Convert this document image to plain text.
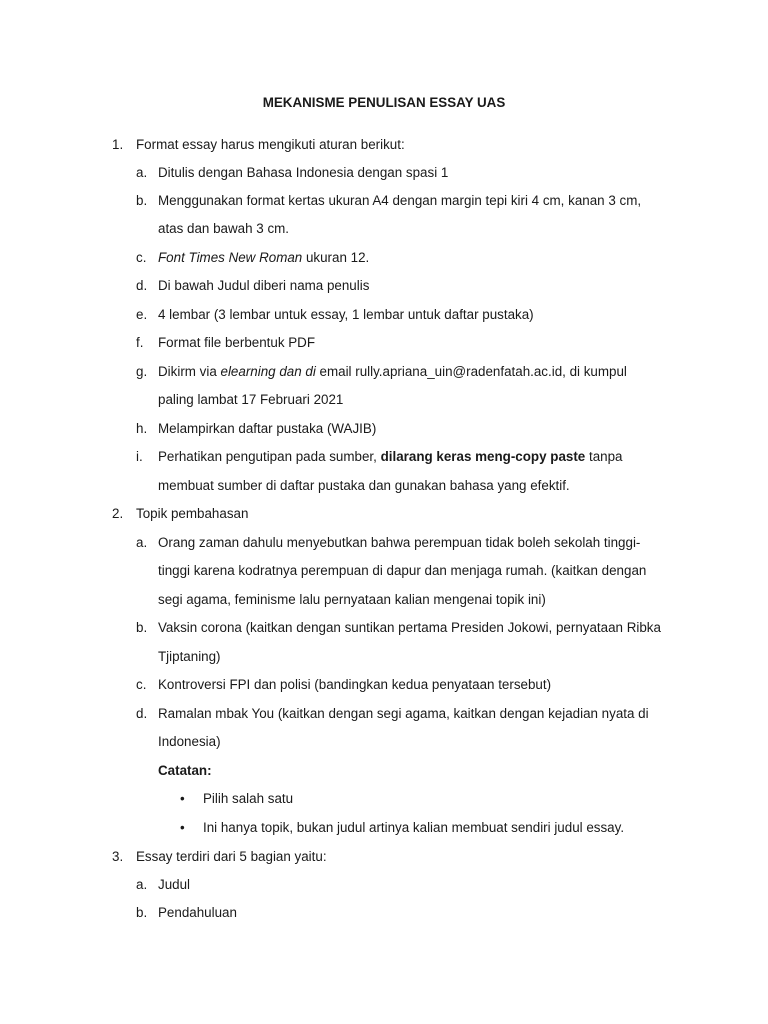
MEKANISME PENULISAN ESSAY UAS
1. Format essay harus mengikuti aturan berikut:
a. Ditulis dengan Bahasa Indonesia dengan spasi 1
b. Menggunakan format kertas ukuran A4 dengan margin tepi kiri 4 cm, kanan 3 cm,
atas dan bawah 3 cm.
c. Font Times New Roman ukuran 12.
d. Di bawah Judul diberi nama penulis
e. 4 lembar (3 lembar untuk essay, 1 lembar untuk daftar pustaka)
f. Format file berbentuk PDF
g. Dikirm via elearning dan di email rully.apriana_uin@radenfatah.ac.id, di kumpul
paling lambat 17 Februari 2021
h. Melampirkan daftar pustaka (WAJIB)
i. Perhatikan pengutipan pada sumber, dilarang keras meng-copy paste tanpa
membuat sumber di daftar pustaka dan gunakan bahasa yang efektif.
2. Topik pembahasan
a. Orang zaman dahulu menyebutkan bahwa perempuan tidak boleh sekolah tinggi-
tinggi karena kodratnya perempuan di dapur dan menjaga rumah. (kaitkan dengan
segi agama, feminisme lalu pernyataan kalian mengenai topik ini)
b. Vaksin corona (kaitkan dengan suntikan pertama Presiden Jokowi, pernyataan Ribka
Tjiptaning)
c. Kontroversi FPI dan polisi (bandingkan kedua penyataan tersebut)
d. Ramalan mbak You (kaitkan dengan segi agama, kaitkan dengan kejadian nyata di
Indonesia)
Catatan:
• Pilih salah satu
• Ini hanya topik, bukan judul artinya kalian membuat sendiri judul essay.
3. Essay terdiri dari 5 bagian yaitu:
a. Judul
b. Pendahuluan
